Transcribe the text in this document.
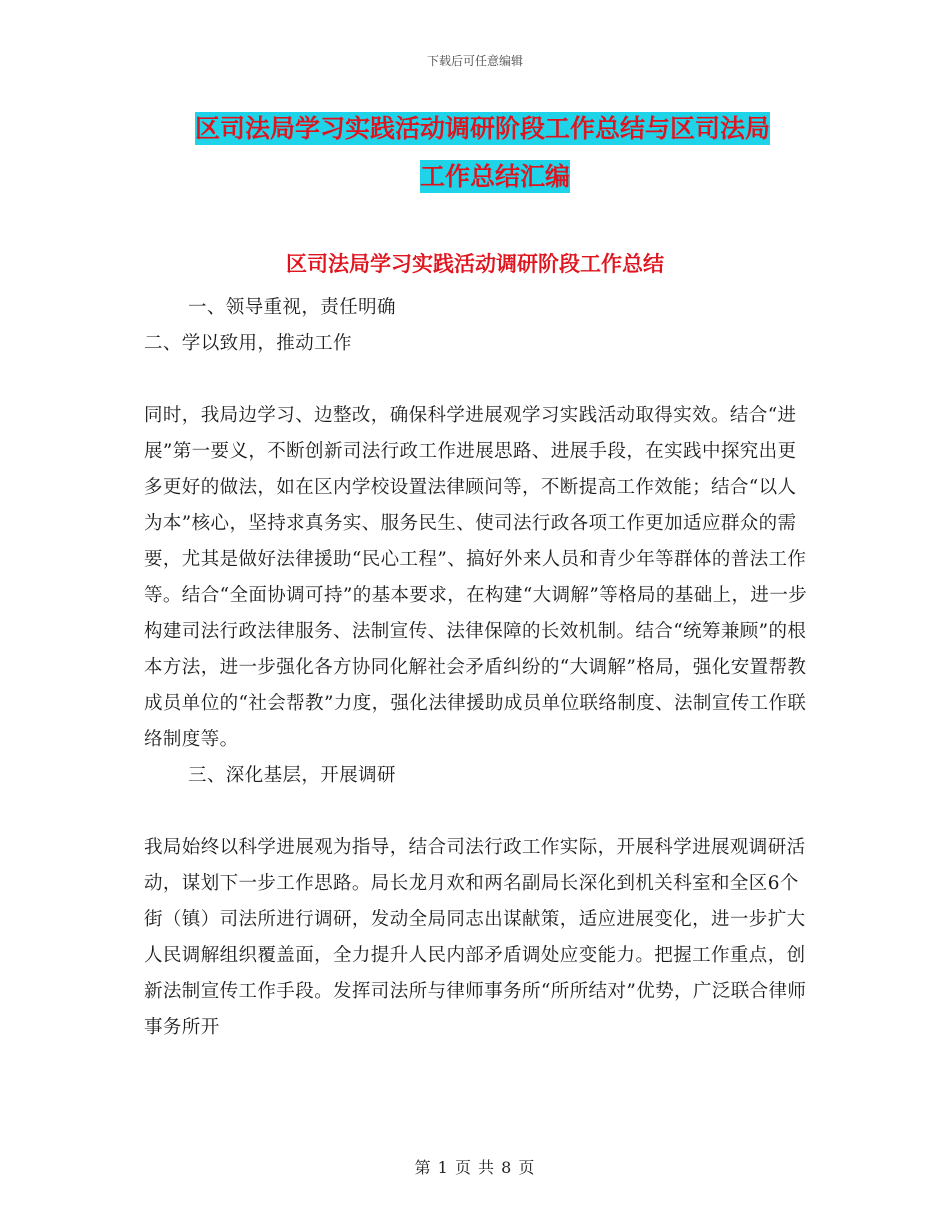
下载后可任意编辑
区司法局学习实践活动调研阶段工作总结与区司法局
工作总结汇编
区司法局学习实践活动调研阶段工作总结

一、领导重视，责任明确

二、学以致用，推动工作

同时，我局边学习、边整改，确保科学进展观学习实践活动取得实效。结合“进展”第一要义，不断创新司法行政工作进展思路、进展手段，在实践中探究出更多更好的做法，如在区内学校设置法律顾问等，不断提高工作效能；结合“以人为本”核心，坚持求真务实、服务民生、使司法行政各项工作更加适应群众的需要，尤其是做好法律援助“民心工程”、搞好外来人员和青少年等群体的普法工作等。结合“全面协调可持”的基本要求，在构建“大调解”等格局的基础上，进一步构建司法行政法律服务、法制宣传、法律保障的长效机制。结合“统筹兼顾”的根本方法，进一步强化各方协同化解社会矛盾纠纷的“大调解”格局，强化安置帮教成员单位的“社会帮教”力度，强化法律援助成员单位联络制度、法制宣传工作联络制度等。

三、深化基层，开展调研

我局始终以科学进展观为指导，结合司法行政工作实际，开展科学进展观调研活动，谋划下一步工作思路。局长龙月欢和两名副局长深化到机关科室和全区6个街（镇）司法所进行调研，发动全局同志出谋献策，适应进展变化，进一步扩大人民调解组织覆盖面，全力提升人民内部矛盾调处应变能力。把握工作重点，创新法制宣传工作手段。发挥司法所与律师事务所“所所结对”优势，广泛联合律师事务所开

第 1 页 共 8 页
